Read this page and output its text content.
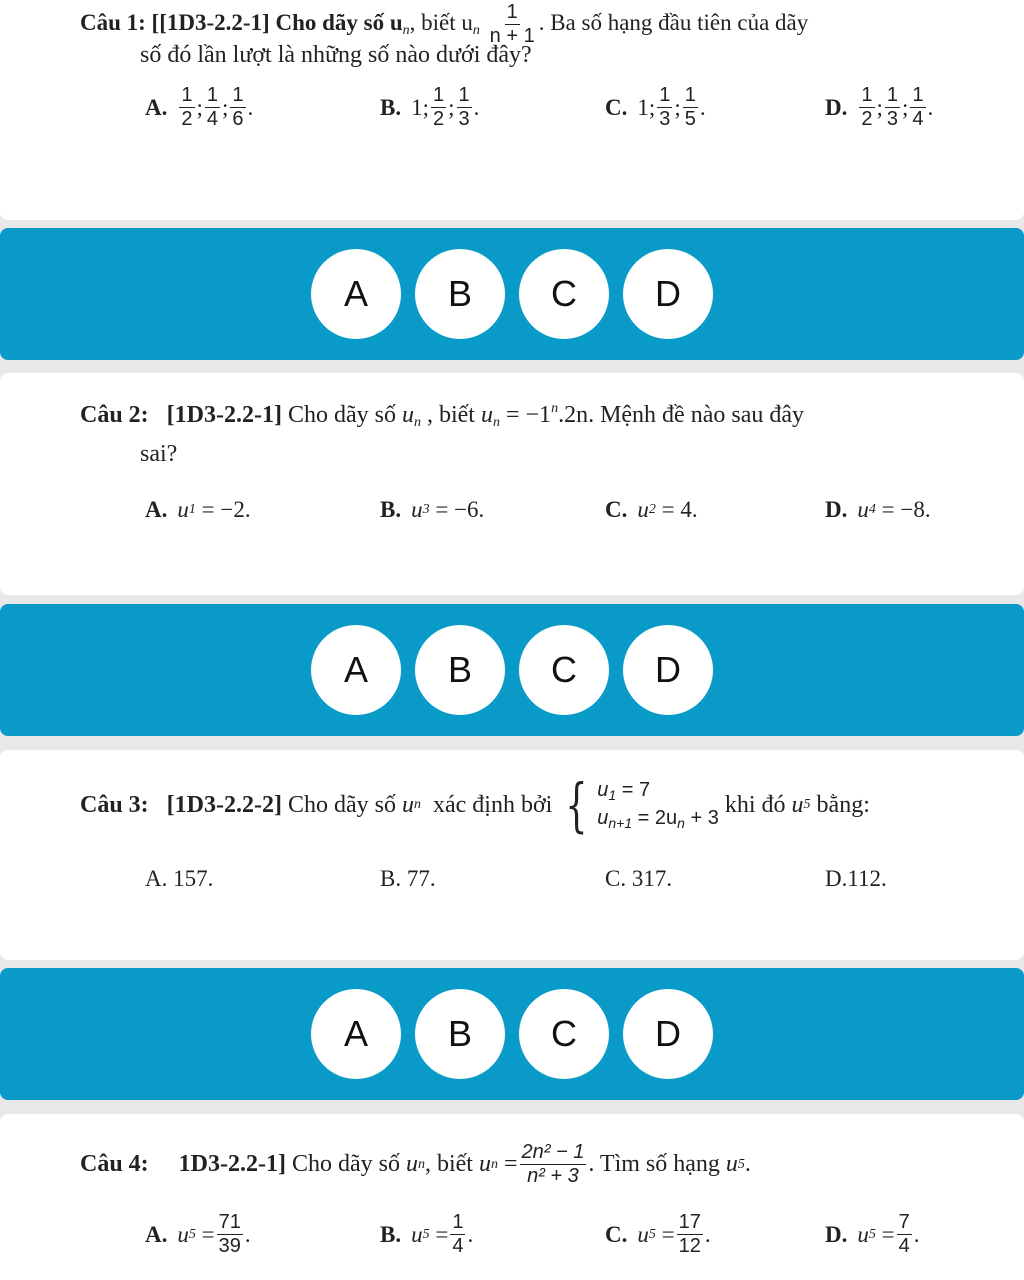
Câu 1: [[1D3-2.2-1] Cho dãy số $u_n$, biết $u_n \frac{1}{n + 1}$ . Ba số hạng đầu tiên của dãy
số đó lần lượt là những số nào dưới đây?
A. $\frac{1}{2}$ ; $\frac{1}{4}$ ; $\frac{1}{6}$ .	B. 1; $\frac{1}{2}$ ; $\frac{1}{3}$ .	C. 1; $\frac{1}{3}$ ; $\frac{1}{5}$ .	D. $\frac{1}{2}$ ; $\frac{1}{3}$ ; $\frac{1}{4}$ .
A	B	C	D
Câu 2: [1D3-2.2-1] Cho dãy số $u_n$ , biết $u_n = -1^n.2n$. Mệnh đề nào sau đây
sai?
A. u 1
= −2.	B. u 3
= −6.	C. u 2
= 4.	D. u 4
= −8.
A	B	C	D
Câu 3:
[1D3-2.2-2]
Cho dãy số
u n
xác định bởi { $u_1 = 7$
$u_{n+1} = 2u_n + 3$
khi đó
u 5
bằng:
A. 157.	B. 77.	C. 317.	D.112.
A	B	C	D
Câu 4:
1D3-2.2-1]
Cho dãy số
u n , biết
u $n = \frac{\text{2n² − 1}}{\text{n² + 3}}$ . Tìm số hạng
u 5 .
A. u $5 = \frac{71}{39}$ .	B. u $5 = \frac{1}{4}$ .	C. u $5 = \frac{17}{12}$ .	D. u $5 = \frac{7}{4}$ .
